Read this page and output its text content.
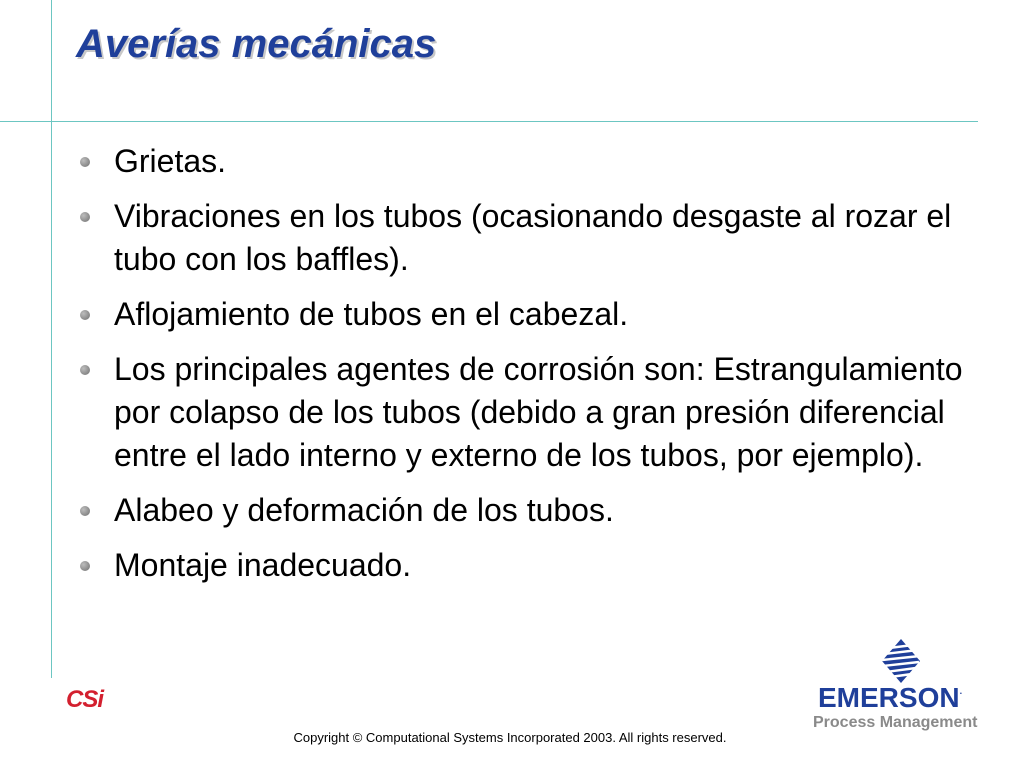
Averías mecánicas
Grietas.
Vibraciones en los tubos (ocasionando desgaste al rozar el tubo con los baffles).
Aflojamiento de tubos en el cabezal.
Los principales agentes de corrosión son: Estrangulamiento por colapso de los tubos (debido a gran presión diferencial entre el lado interno y externo de los tubos, por ejemplo).
Alabeo y deformación de los tubos.
Montaje inadecuado.
CSi
Copyright © Computational Systems Incorporated 2003. All rights reserved.
EMERSON.
Process Management
